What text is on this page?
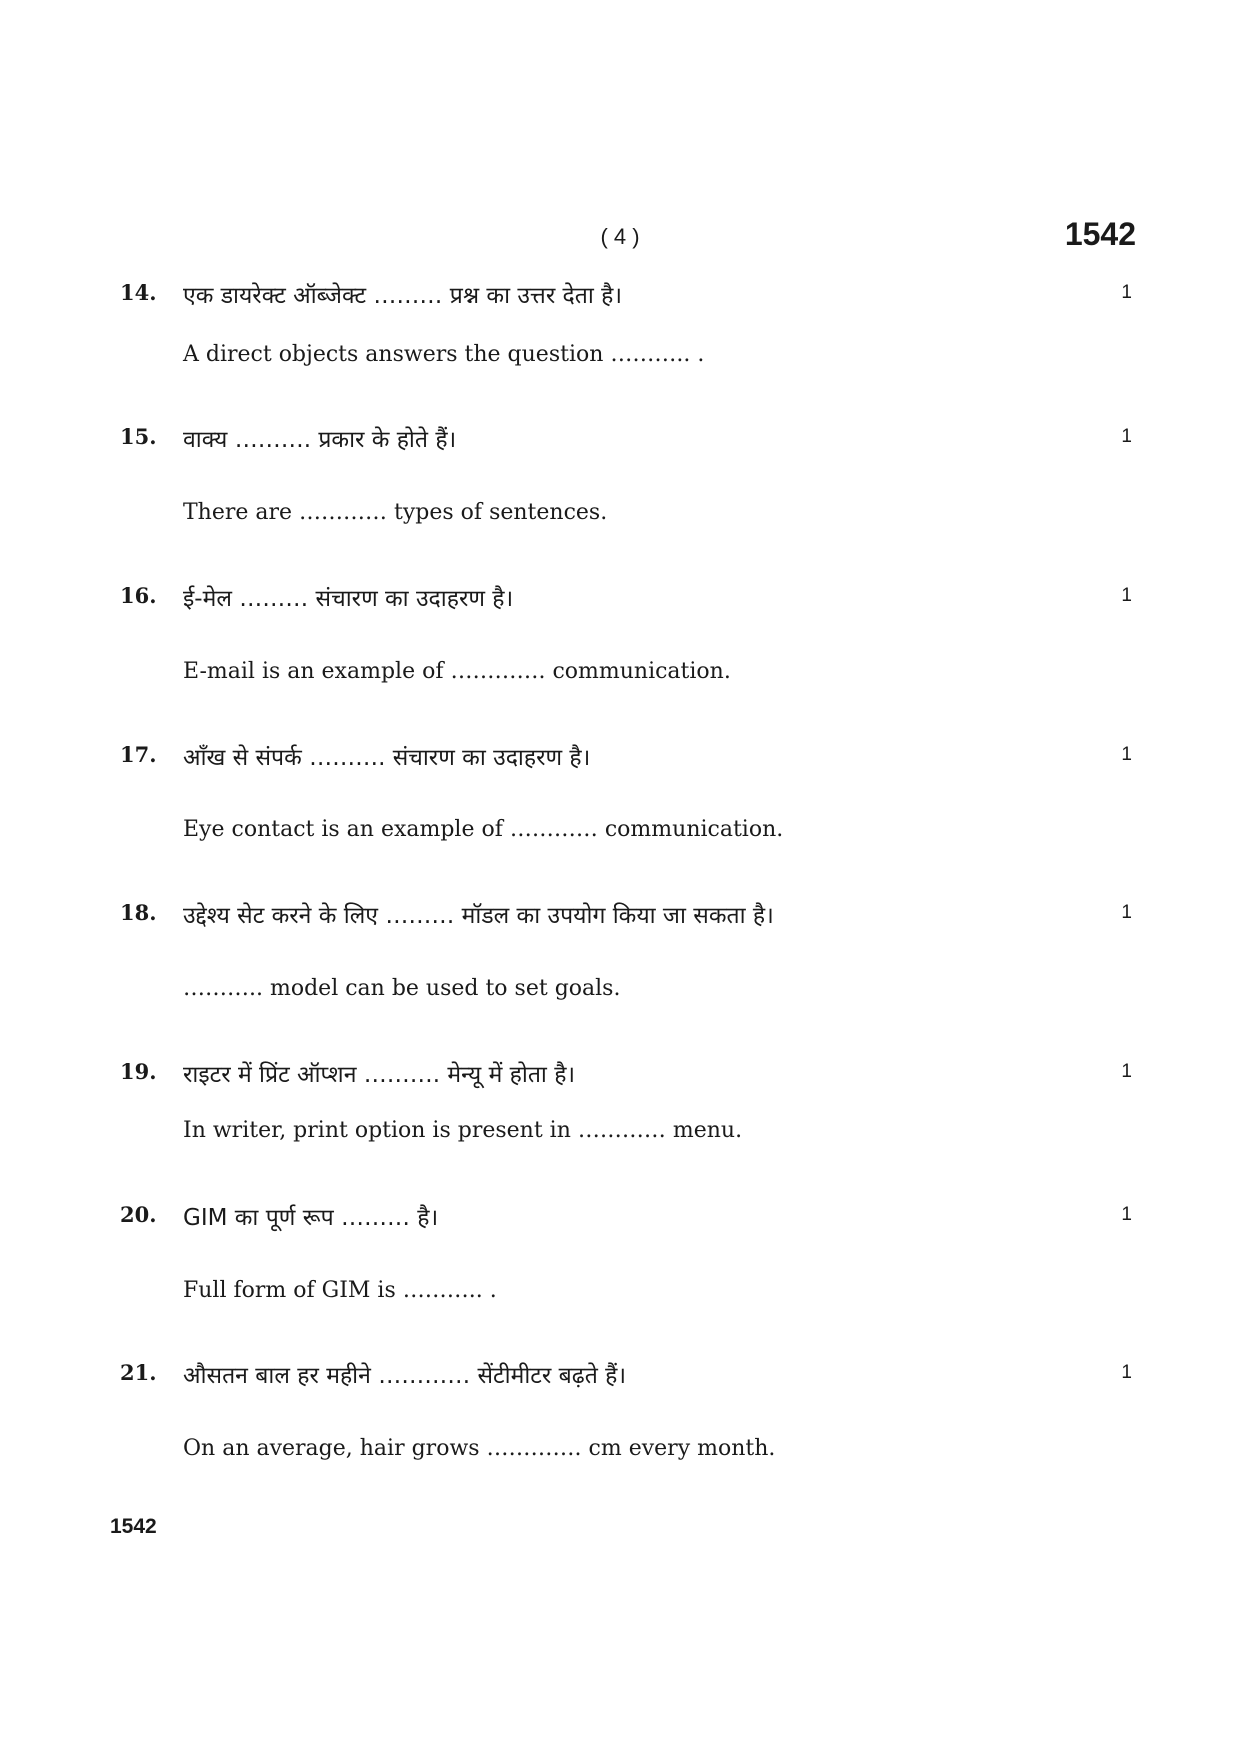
( 4 )	1542
14. एक डायरेक्ट ऑब्जेक्ट ……… प्रश्न का उत्तर देता है।	1
A direct objects answers the question ……….. .
15. वाक्य ………. प्रकार के होते हैं।	1
There are ………… types of sentences.
16. ई-मेल ……… संचारण का उदाहरण है।	1
E-mail is an example of …………. communication.
17. आँख से संपर्क ………. संचारण का उदाहरण है।	1
Eye contact is an example of ………… communication.
18. उद्देश्य सेट करने के लिए ……… मॉडल का उपयोग किया जा सकता है।	1
……….. model can be used to set goals.
19. राइटर में प्रिंट ऑप्शन ………. मेन्यू में होता है।	1
In writer, print option is present in ………… menu.
20. GIM का पूर्ण रूप ……… है।	1
Full form of GIM is ……….. .
21. औसतन बाल हर महीने ………… सेंटीमीटर बढ़ते हैं।	1
On an average, hair grows …………. cm every month.
1542
